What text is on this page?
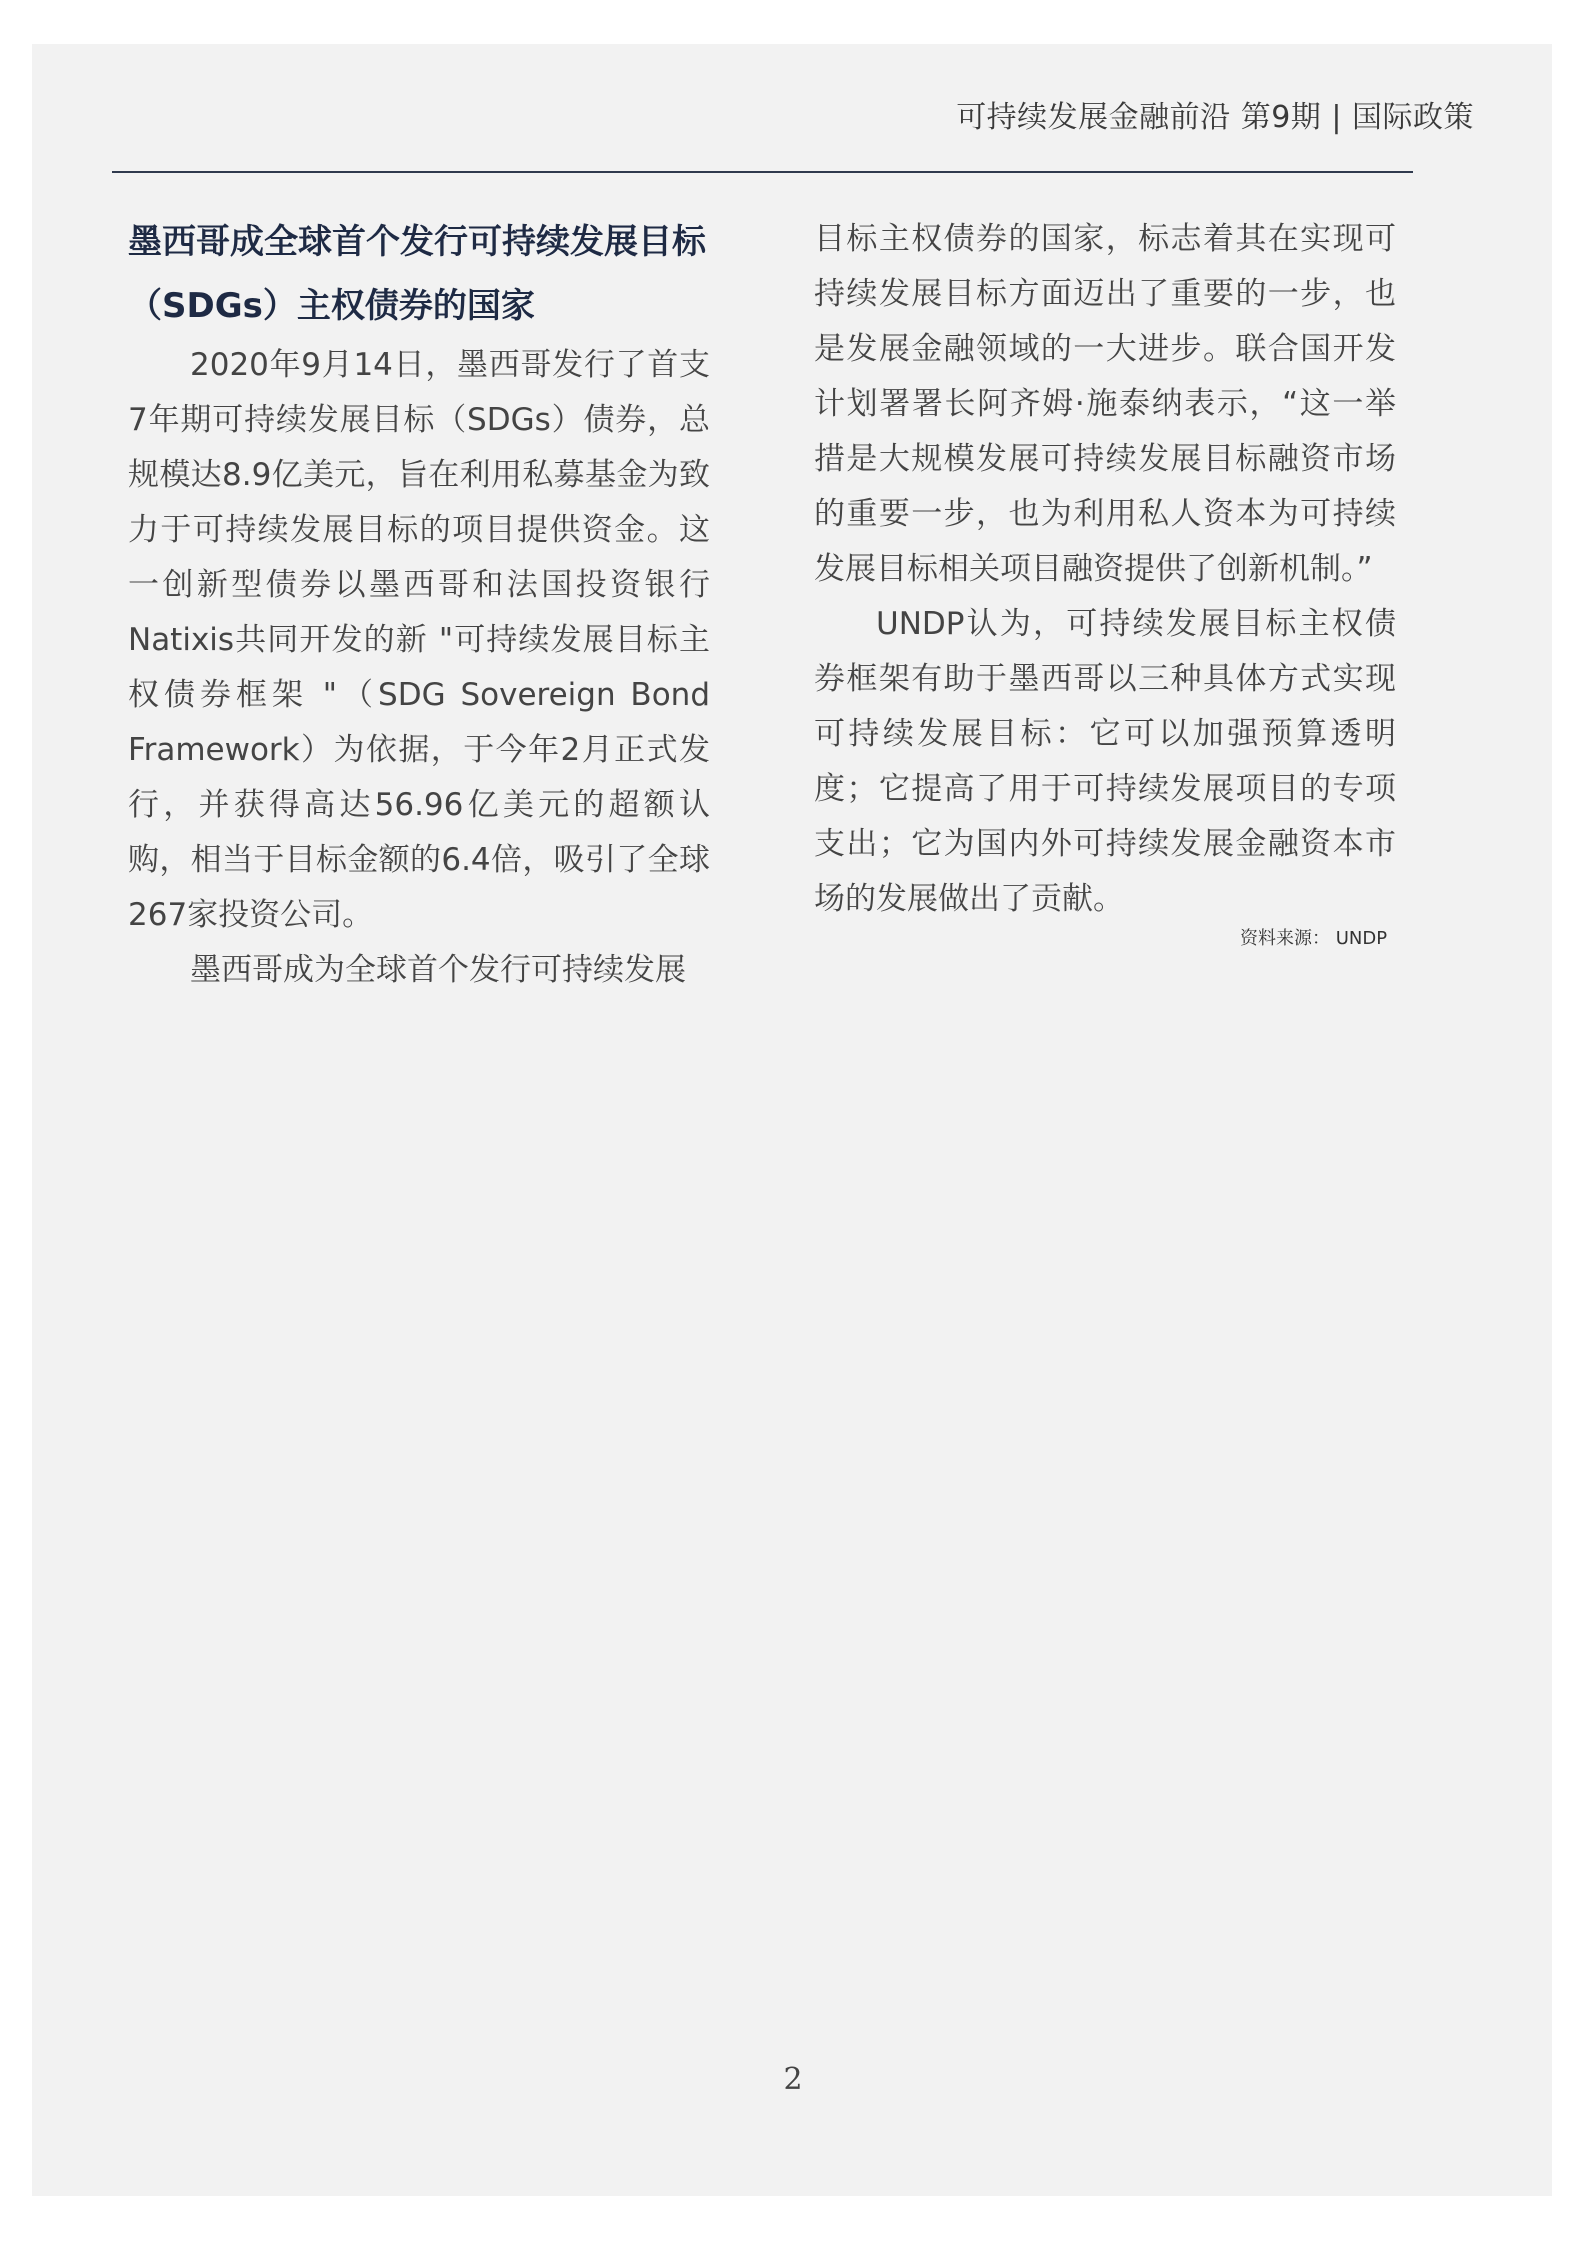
可持续发展金融前沿 第9期 | 国际政策
墨西哥成全球首个发行可持续发展目标（SDGs）主权债券的国家

2020年9月14日，墨西哥发行了首支7年期可持续发展目标（SDGs）债券，总规模达8.9亿美元，旨在利用私募基金为致力于可持续发展目标的项目提供资金。这一创新型债券以墨西哥和法国投资银行Natixis共同开发的新 "可持续发展目标主权债券框架 "（SDG Sovereign Bond Framework）为依据，于今年2月正式发行，并获得高达56.96亿美元的超额认购，相当于目标金额的6.4倍，吸引了全球267家投资公司。

墨西哥成为全球首个发行可持续发展

目标主权债券的国家，标志着其在实现可持续发展目标方面迈出了重要的一步，也是发展金融领域的一大进步。联合国开发计划署署长阿齐姆·施泰纳表示，“这一举措是大规模发展可持续发展目标融资市场的重要一步，也为利用私人资本为可持续发展目标相关项目融资提供了创新机制。”

UNDP认为，可持续发展目标主权债券框架有助于墨西哥以三种具体方式实现可持续发展目标：它可以加强预算透明度；它提高了用于可持续发展项目的专项支出；它为国内外可持续发展金融资本市场的发展做出了贡献。

资料来源： UNDP
2
